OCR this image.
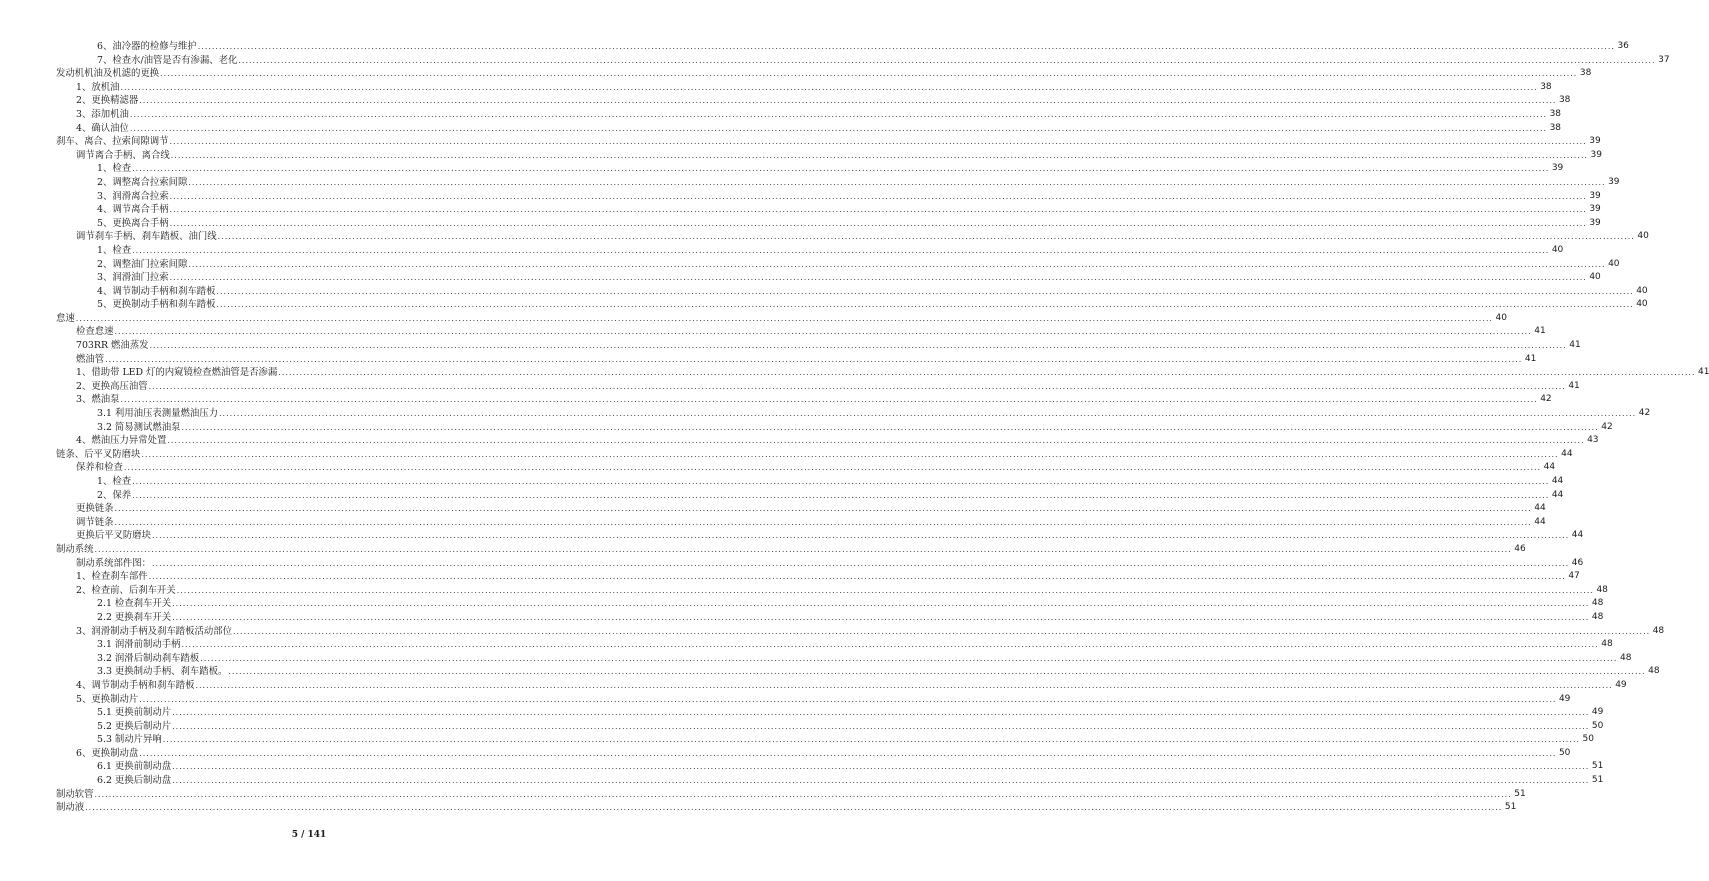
6、油冷器的检修与维护 ................................................................................................................................................................................................................................................................................................................................................................................................................ 36
7、检查水/油管是否有渗漏、老化 ................................................................................................................................................................................................................................................................................................................................................................................................................ 37
发动机机油及机滤的更换 ................................................................................................................................................................................................................................................................................................................................................................................................................ 38
1、放机油 ................................................................................................................................................................................................................................................................................................................................................................................................................ 38
2、更换精滤器 ................................................................................................................................................................................................................................................................................................................................................................................................................ 38
3、添加机油 ................................................................................................................................................................................................................................................................................................................................................................................................................ 38
4、确认油位 ................................................................................................................................................................................................................................................................................................................................................................................................................ 38
刹车、离合、拉索间隙调节 ................................................................................................................................................................................................................................................................................................................................................................................................................ 39
调节离合手柄、离合线 ................................................................................................................................................................................................................................................................................................................................................................................................................ 39
1、检查 ................................................................................................................................................................................................................................................................................................................................................................................................................ 39
2、调整离合拉索间隙 ................................................................................................................................................................................................................................................................................................................................................................................................................ 39
3、润滑离合拉索 ................................................................................................................................................................................................................................................................................................................................................................................................................ 39
4、调节离合手柄 ................................................................................................................................................................................................................................................................................................................................................................................................................ 39
5、更换离合手柄 ................................................................................................................................................................................................................................................................................................................................................................................................................ 39
调节刹车手柄、刹车踏板、油门线 ................................................................................................................................................................................................................................................................................................................................................................................................................ 40
1、检查 ................................................................................................................................................................................................................................................................................................................................................................................................................ 40
2、调整油门拉索间隙 ................................................................................................................................................................................................................................................................................................................................................................................................................ 40
3、润滑油门拉索 ................................................................................................................................................................................................................................................................................................................................................................................................................ 40
4、调节制动手柄和刹车踏板 ................................................................................................................................................................................................................................................................................................................................................................................................................ 40
5、更换制动手柄和刹车踏板 ................................................................................................................................................................................................................................................................................................................................................................................................................ 40
怠速 ................................................................................................................................................................................................................................................................................................................................................................................................................ 40
检查怠速 ................................................................................................................................................................................................................................................................................................................................................................................................................ 41
703RR 燃油蒸发 ................................................................................................................................................................................................................................................................................................................................................................................................................ 41
燃油管 ................................................................................................................................................................................................................................................................................................................................................................................................................ 41
1、借助带 LED 灯的内窥镜检查燃油管是否渗漏 ................................................................................................................................................................................................................................................................................................................................................................................................................ 41
2、更换高压油管 ................................................................................................................................................................................................................................................................................................................................................................................................................ 41
3、燃油泵 ................................................................................................................................................................................................................................................................................................................................................................................................................ 42
3.1 利用油压表测量燃油压力 ................................................................................................................................................................................................................................................................................................................................................................................................................ 42
3.2 简易测试燃油泵 ................................................................................................................................................................................................................................................................................................................................................................................................................ 42
4、燃油压力异常处置 ................................................................................................................................................................................................................................................................................................................................................................................................................ 43
链条、后平叉防磨块 ................................................................................................................................................................................................................................................................................................................................................................................................................ 44
保养和检查 ................................................................................................................................................................................................................................................................................................................................................................................................................ 44
1、检查 ................................................................................................................................................................................................................................................................................................................................................................................................................ 44
2、保养 ................................................................................................................................................................................................................................................................................................................................................................................................................ 44
更换链条 ................................................................................................................................................................................................................................................................................................................................................................................................................ 44
调节链条 ................................................................................................................................................................................................................................................................................................................................................................................................................ 44
更换后平叉防磨块 ................................................................................................................................................................................................................................................................................................................................................................................................................ 44
制动系统 ................................................................................................................................................................................................................................................................................................................................................................................................................ 46
制动系统部件图： ................................................................................................................................................................................................................................................................................................................................................................................................................ 46
1、检查刹车部件 ................................................................................................................................................................................................................................................................................................................................................................................................................ 47
2、检查前、后刹车开关 ................................................................................................................................................................................................................................................................................................................................................................................................................ 48
2.1 检查刹车开关 ................................................................................................................................................................................................................................................................................................................................................................................................................ 48
2.2 更换刹车开关 ................................................................................................................................................................................................................................................................................................................................................................................................................ 48
3、润滑制动手柄及刹车踏板活动部位 ................................................................................................................................................................................................................................................................................................................................................................................................................ 48
3.1 润滑前制动手柄 ................................................................................................................................................................................................................................................................................................................................................................................................................ 48
3.2 润滑后制动刹车踏板 ................................................................................................................................................................................................................................................................................................................................................................................................................ 48
3.3 更换制动手柄、刹车踏板。 ................................................................................................................................................................................................................................................................................................................................................................................................................ 48
4、调节制动手柄和刹车踏板 ................................................................................................................................................................................................................................................................................................................................................................................................................ 49
5、更换制动片 ................................................................................................................................................................................................................................................................................................................................................................................................................ 49
5.1 更换前制动片 ................................................................................................................................................................................................................................................................................................................................................................................................................ 49
5.2 更换后制动片 ................................................................................................................................................................................................................................................................................................................................................................................................................ 50
5.3 制动片异响 ................................................................................................................................................................................................................................................................................................................................................................................................................ 50
6、更换制动盘 ................................................................................................................................................................................................................................................................................................................................................................................................................ 50
6.1 更换前制动盘 ................................................................................................................................................................................................................................................................................................................................................................................................................ 51
6.2 更换后制动盘 ................................................................................................................................................................................................................................................................................................................................................................................................................ 51
制动软管 ................................................................................................................................................................................................................................................................................................................................................................................................................ 51
制动液 ................................................................................................................................................................................................................................................................................................................................................................................................................ 51
5 / 141
